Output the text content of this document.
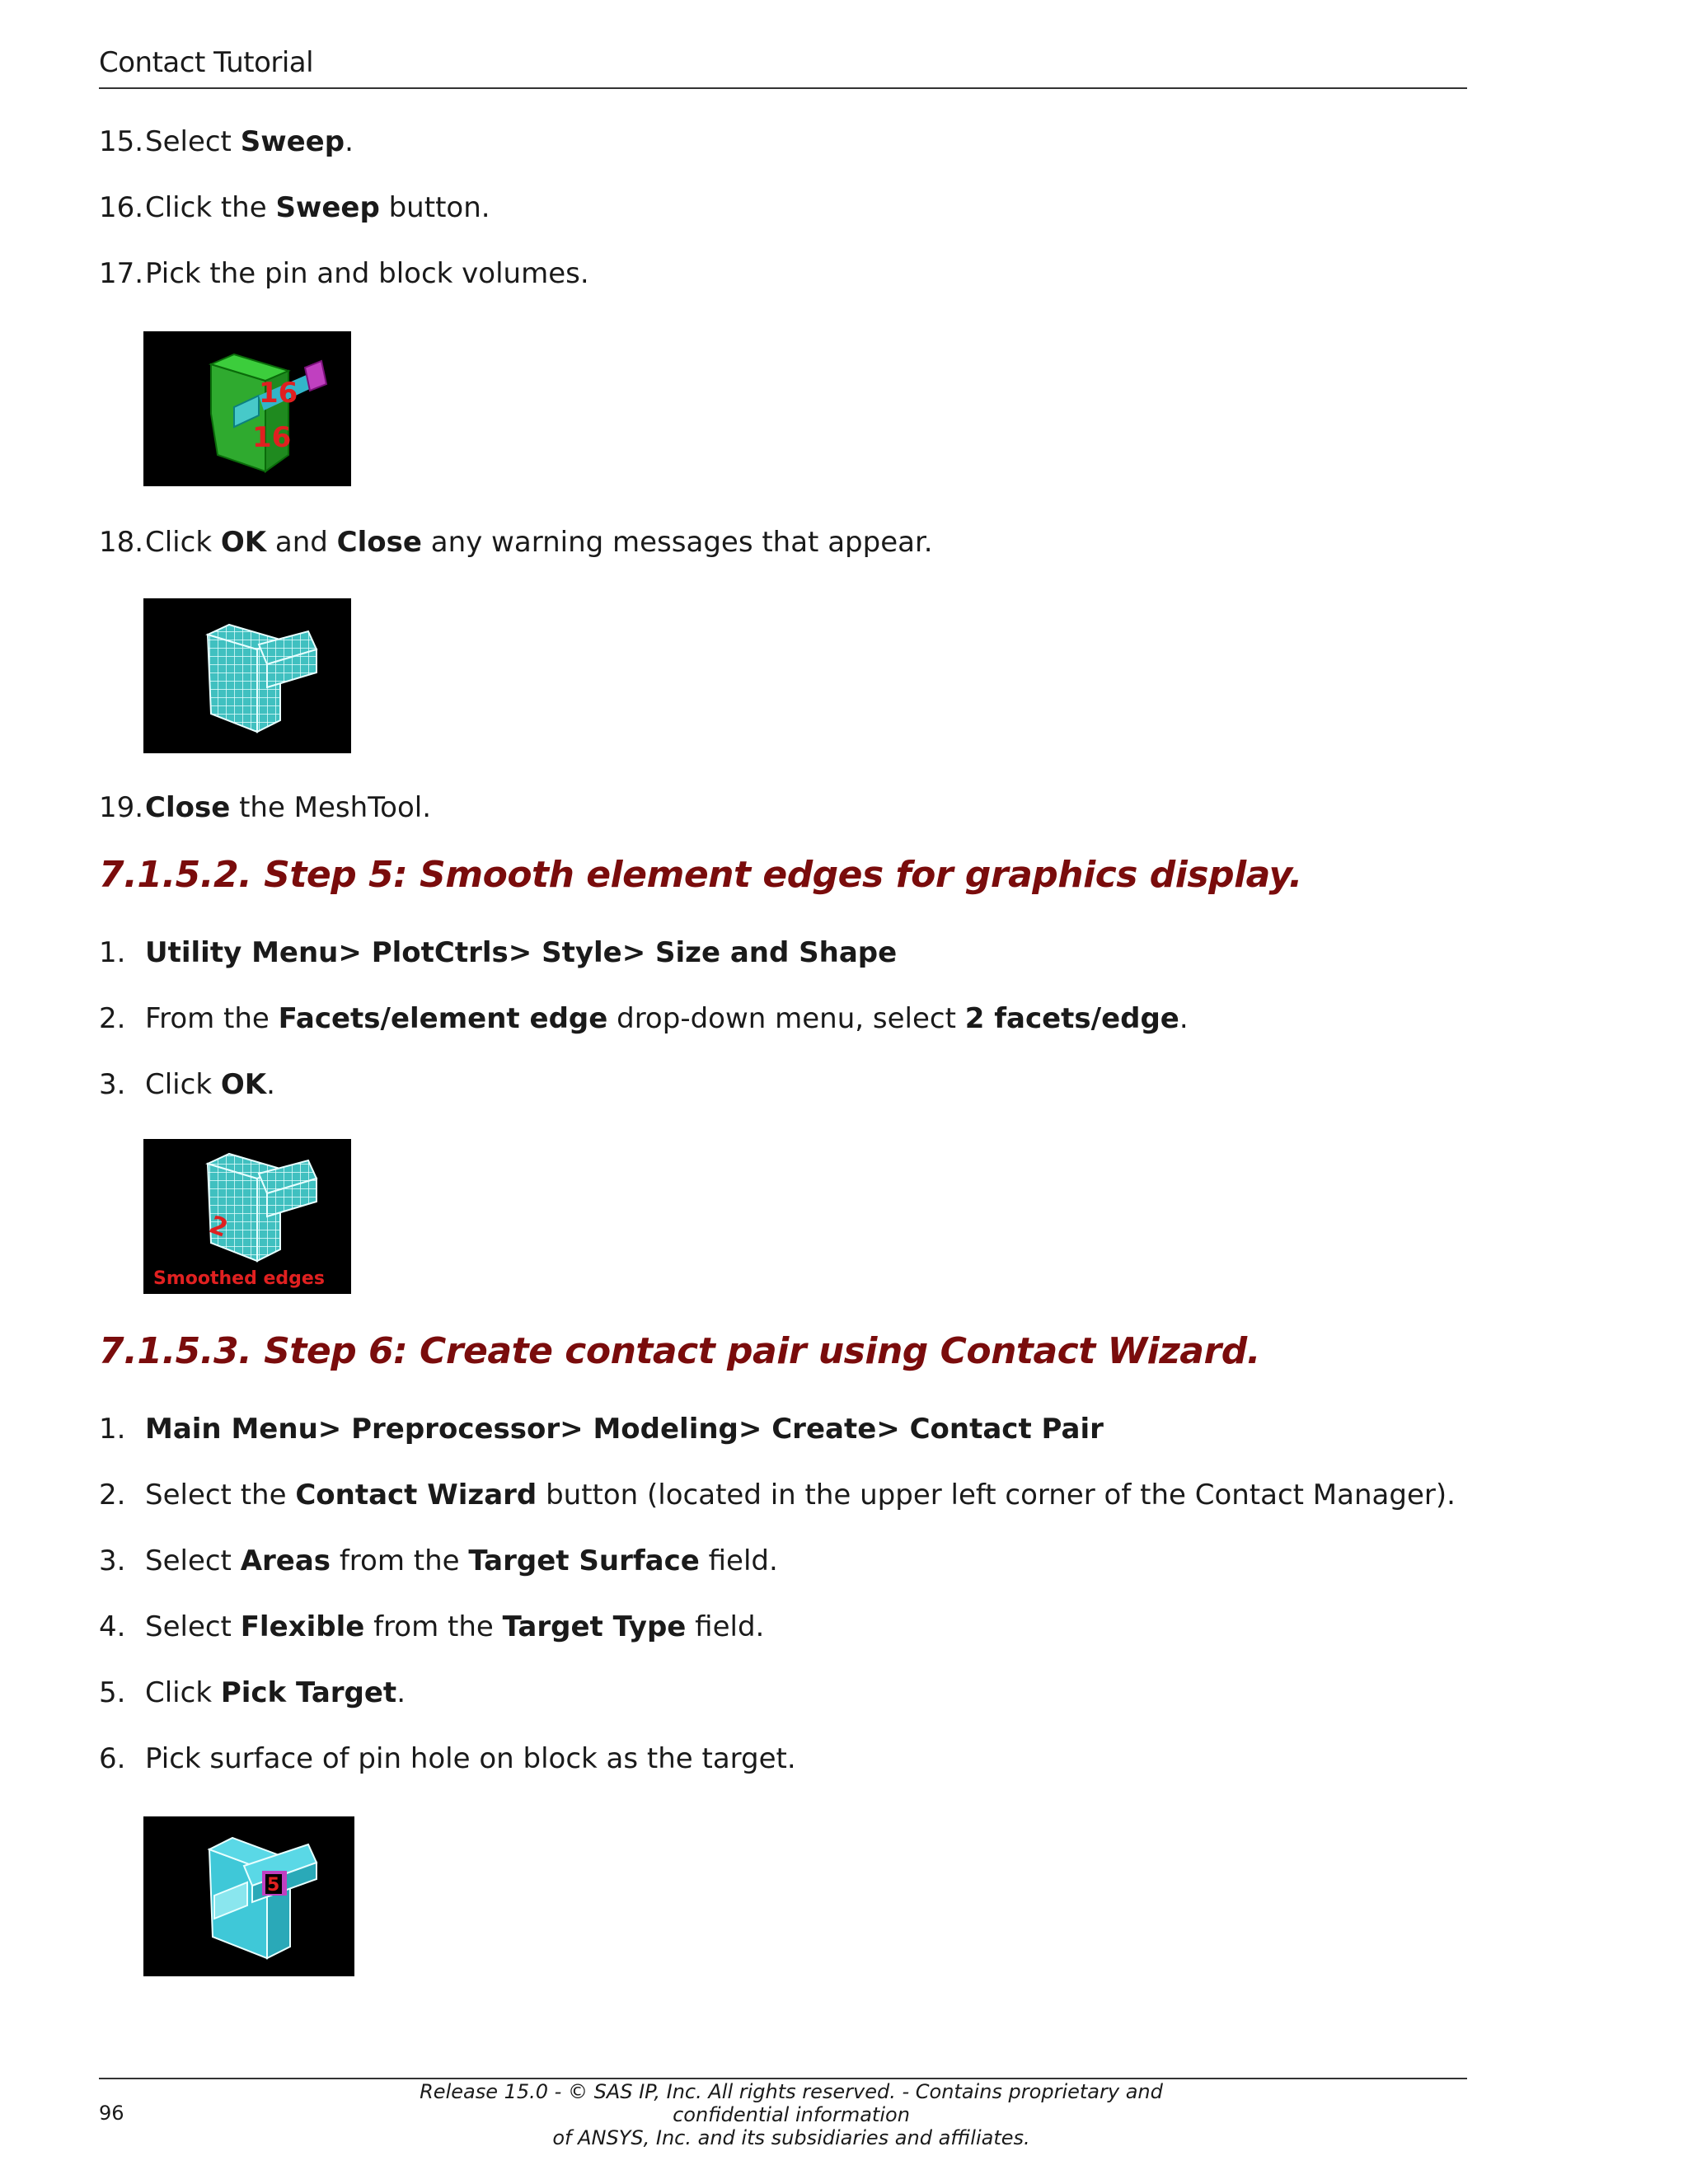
Contact Tutorial
15.Select Sweep.
16.Click the Sweep button.
17.Pick the pin and block volumes.
16
16
18.Click OK and Close any warning messages that appear.
19.Close the MeshTool.
7.1.5.2. Step 5: Smooth element edges for graphics display.
1. Utility Menu> PlotCtrls> Style> Size and Shape
2. From the Facets/element edge drop-down menu, select 2 facets/edge.
3. Click OK.
2
Smoothed edges
7.1.5.3. Step 6: Create contact pair using Contact Wizard.
1. Main Menu> Preprocessor> Modeling> Create> Contact Pair
2. Select the Contact Wizard button (located in the upper left corner of the Contact Manager).
3. Select Areas from the Target Surface field.
4. Select Flexible from the Target Type field.
5. Click Pick Target.
6. Pick surface of pin hole on block as the target.
5
Release 15.0 - © SAS IP, Inc. All rights reserved. - Contains proprietary and confidential information
of ANSYS, Inc. and its subsidiaries and affiliates.
96
